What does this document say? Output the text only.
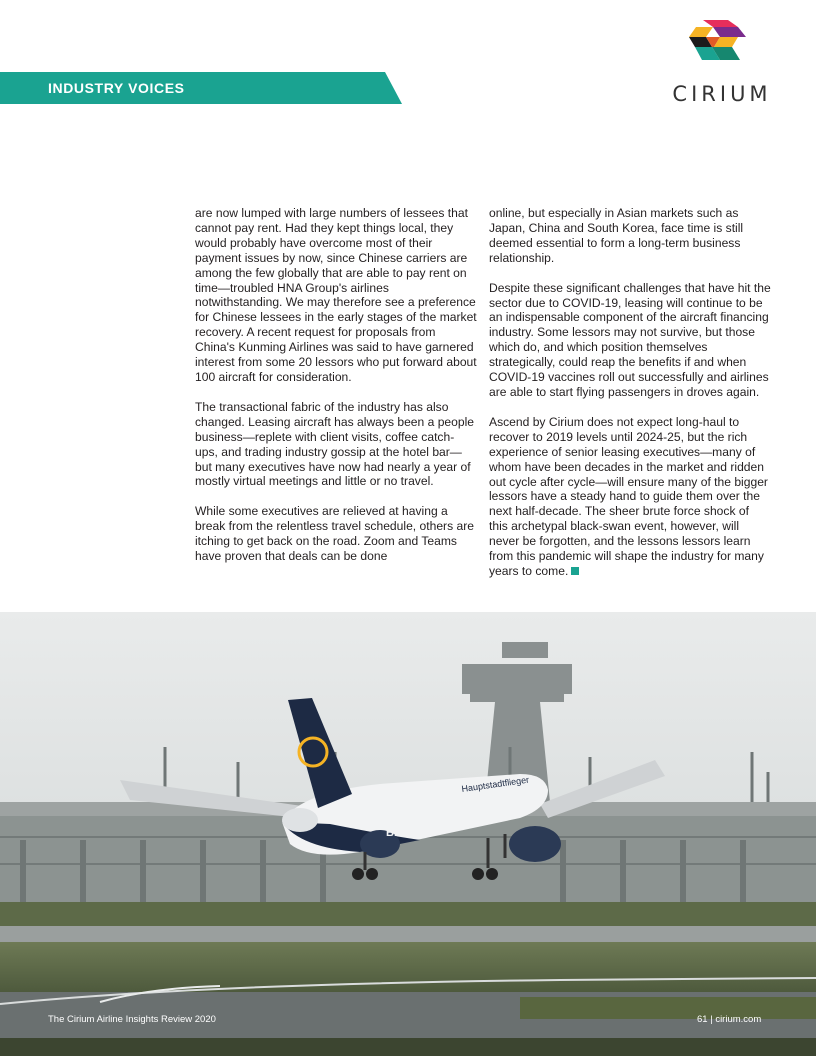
INDUSTRY VOICES	CIRIUM

are now lumped with large numbers of lessees that cannot pay rent. Had they kept things local, they would probably have overcome most of their payment issues by now, since Chinese carriers are among the few globally that are able to pay rent on time—troubled HNA Group's airlines notwithstanding. We may therefore see a preference for Chinese lessees in the early stages of the market recovery. A recent request for proposals from China's Kunming Airlines was said to have garnered interest from some 20 lessors who put forward about 100 aircraft for consideration.

The transactional fabric of the industry has also changed. Leasing aircraft has always been a people business—replete with client visits, coffee catch-ups, and trading industry gossip at the hotel bar—but many executives have now had nearly a year of mostly virtual meetings and little or no travel.

While some executives are relieved at having a break from the relentless travel schedule, others are itching to get back on the road. Zoom and Teams have proven that deals can be done

online, but especially in Asian markets such as Japan, China and South Korea, face time is still deemed essential to form a long-term business relationship.

Despite these significant challenges that have hit the sector due to COVID-19, leasing will continue to be an indispensable component of the aircraft financing industry. Some lessors may not survive, but those which do, and which position themselves strategically, could reap the benefits if and when COVID-19 vaccines roll out successfully and airlines are able to start flying passengers in droves again.

Ascend by Cirium does not expect long-haul to recover to 2019 levels until 2024-25, but the rich experience of senior leasing executives—many of whom have been decades in the market and ridden out cycle after cycle—will ensure many of the bigger lessors have a steady hand to guide them over the next half-decade. The sheer brute force shock of this archetypal black-swan event, however, will never be forgotten, and the lessons lessors learn from this pandemic will shape the industry for many years to come.

Hauptstadtflieger
BER
The Cirium Airline Insights Review 2020	61 | cirium.com
